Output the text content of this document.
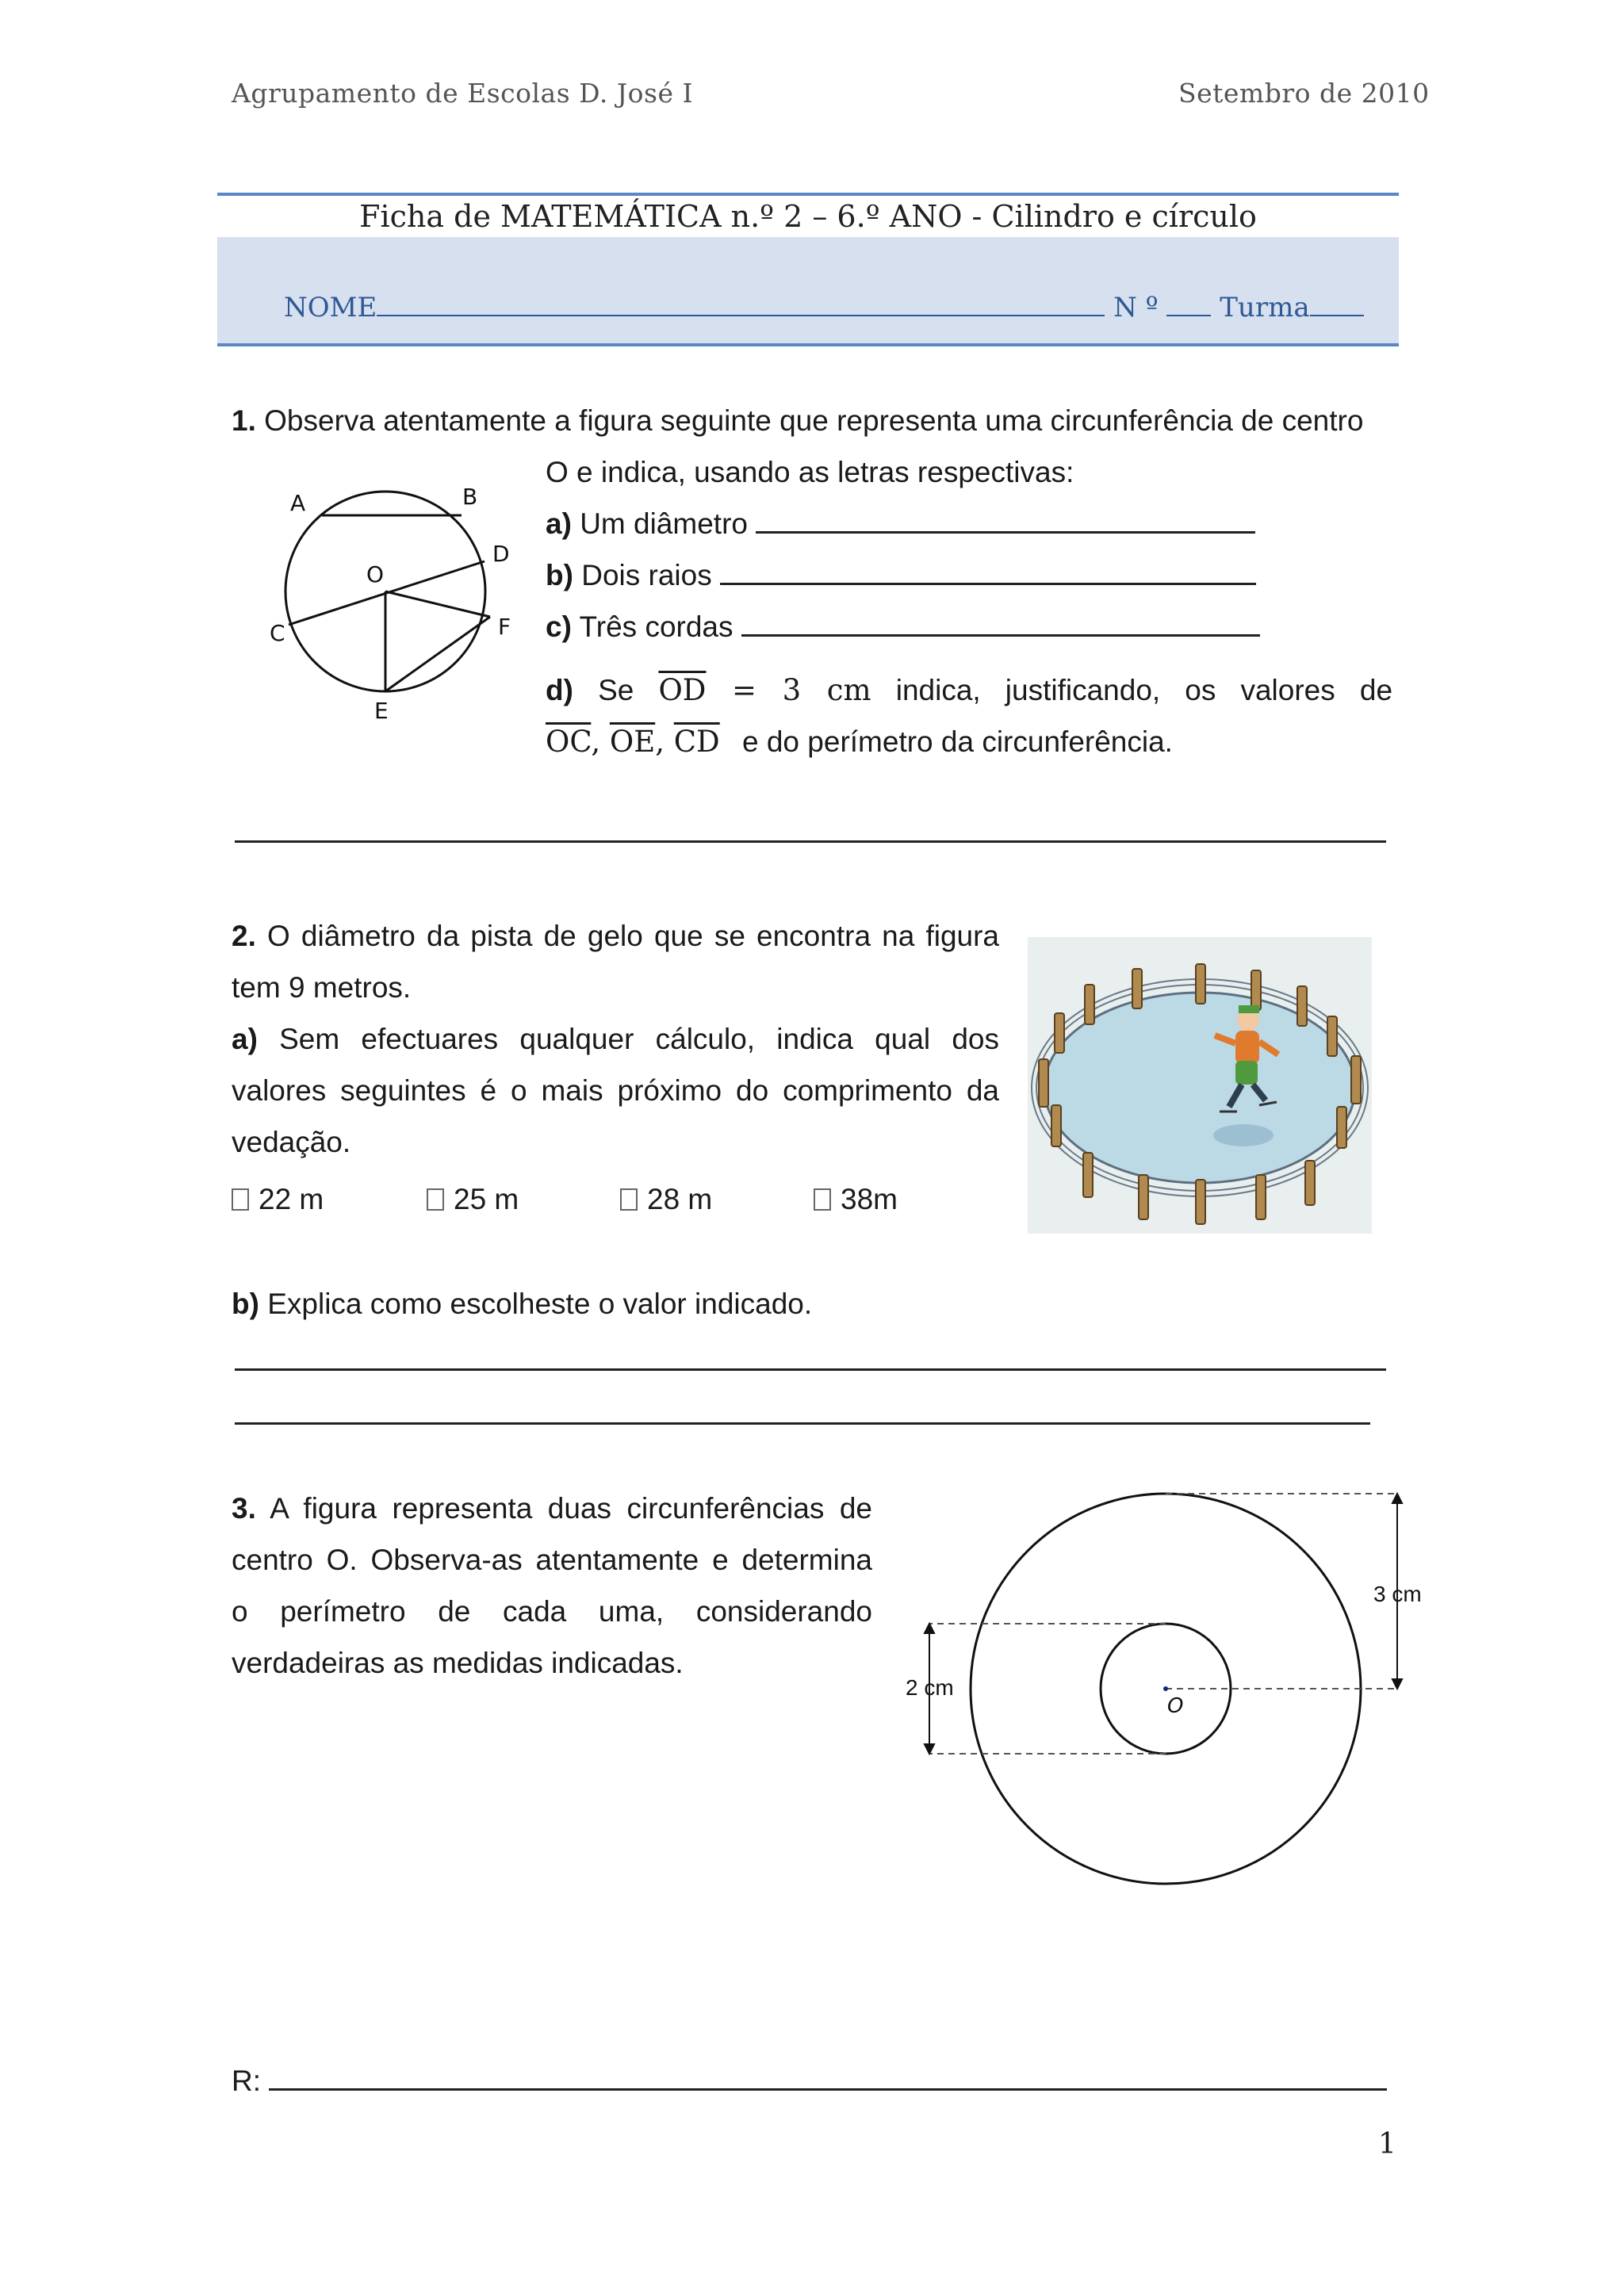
Agrupamento de Escolas D. José I	Setembro de 2010
Ficha de MATEMÁTICA n.º 2 – 6.º ANO - Cilindro e círculo
NOME	N º Turma
1. Observa atentamente a figura seguinte que representa uma circunferência de centro
O e indica, usando as letras respectivas:
a) Um diâmetro
b) Dois raios
c) Três cordas
d) Se $\overline{OD} = 3$ cm indica, justificando, os valores de
$\overline{OC}$, $\overline{OE}$, $\overline{CD}$ e do perímetro da circunferência.
A	B
D
O
C	F
E
2. O diâmetro da pista de gelo que se encontra na figura
tem 9 metros.
a) Sem efectuares qualquer cálculo, indica qual dos
valores seguintes é o mais próximo do comprimento da
vedação.
22 m	25 m	28 m	38m
b) Explica como escolheste o valor indicado.
3. A figura representa duas circunferências de
centro O. Observa-as atentamente e determina
o perímetro de cada uma, considerando
verdadeiras as medidas indicadas.
O
3 cm
2 cm
R:
1
